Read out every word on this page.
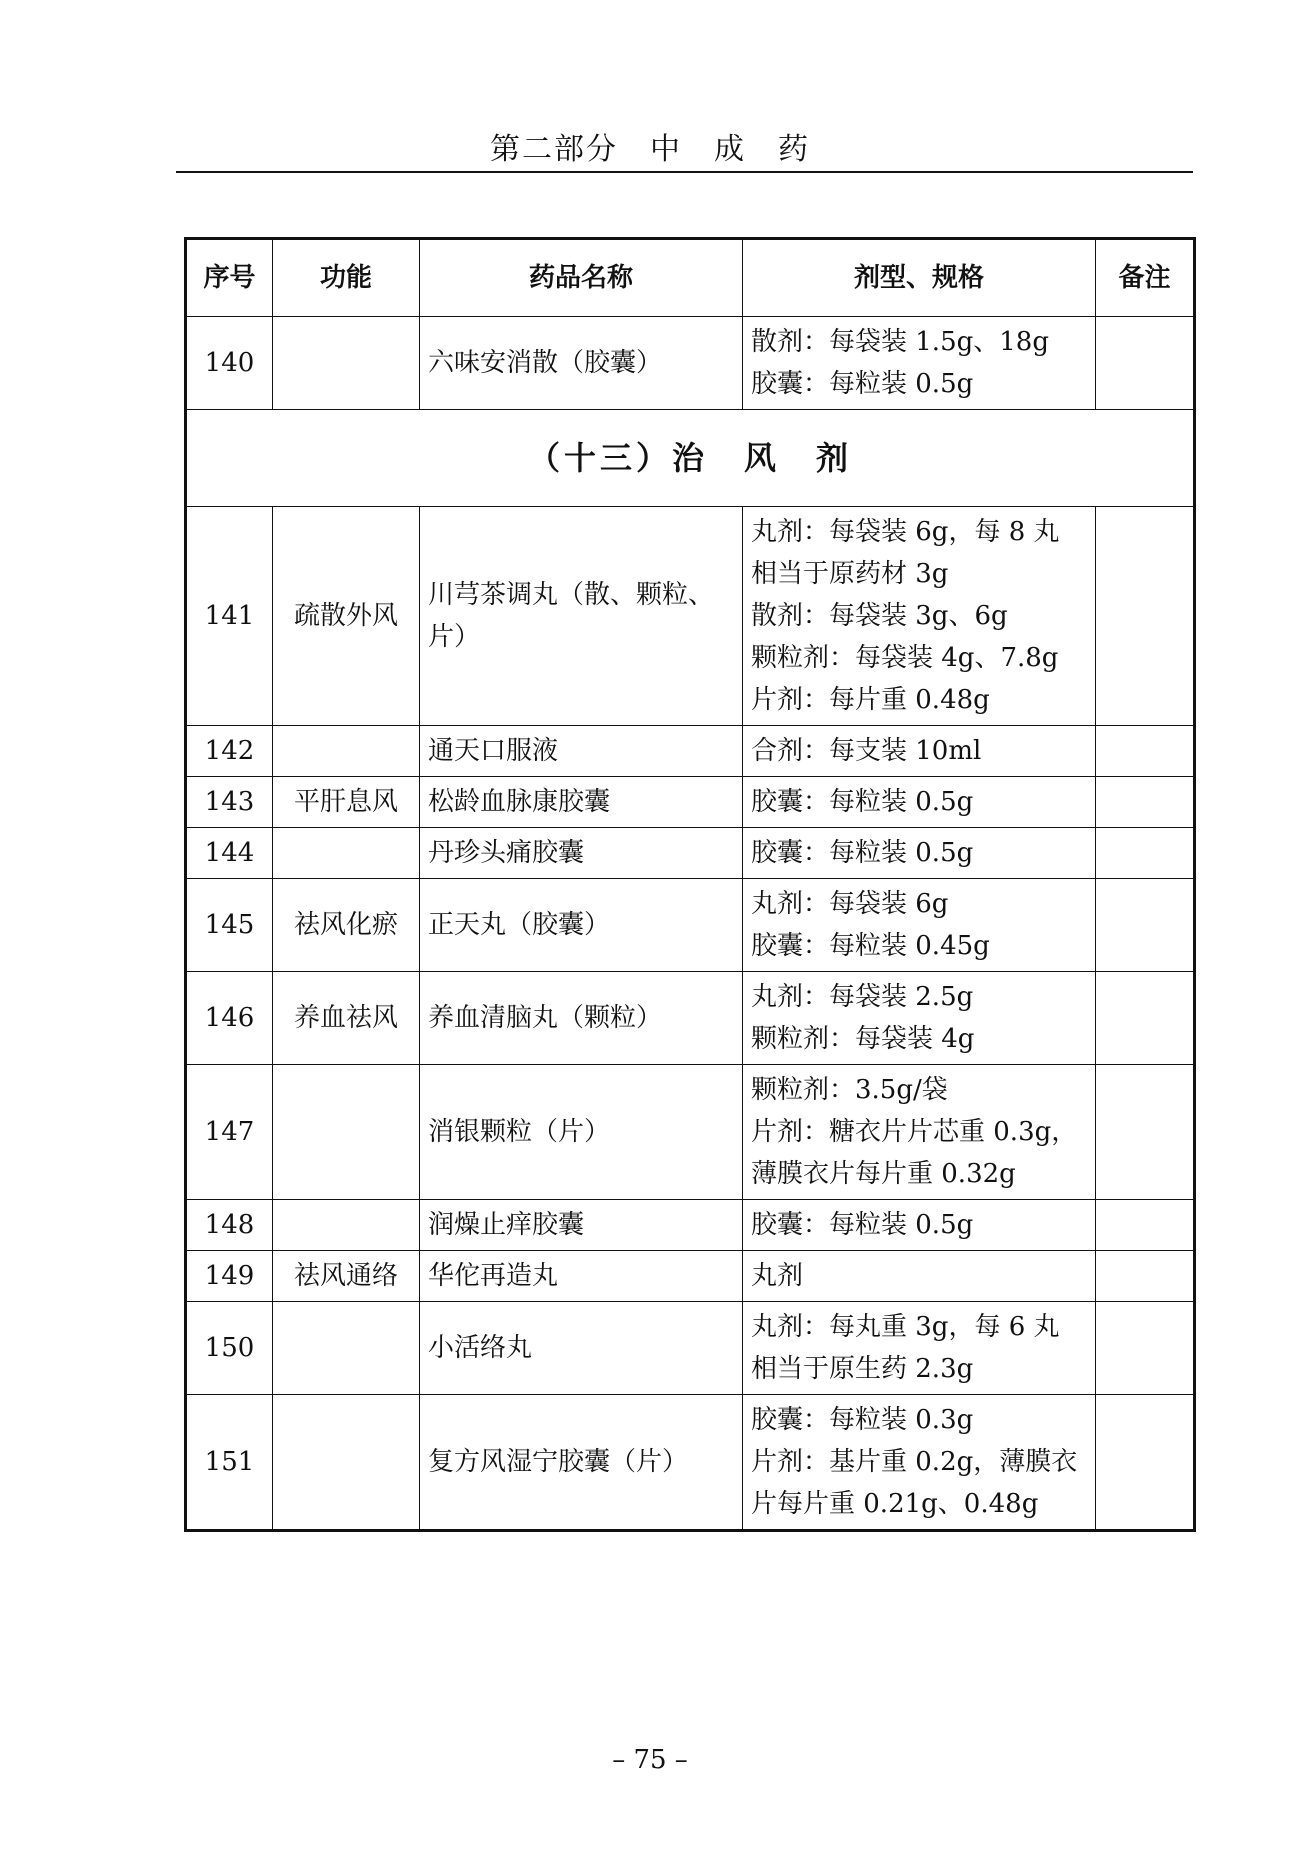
第二部分　中　成　药
序号	功能	药品名称	剂型、规格	备注
140		六味安消散（胶囊）	散剂：每袋装 1.5g、18g
胶囊：每粒装 0.5g	

（十三）治　风　剂				
141	疏散外风	川芎茶调丸（散、颗粒、片）	丸剂：每袋装 6g，每 8 丸
相当于原药材 3g
散剂：每袋装 3g、6g
颗粒剂：每袋装 4g、7.8g
片剂：每片重 0.48g	

142		通天口服液	合剂：每支装 10ml	

143	平肝息风	松龄血脉康胶囊	胶囊：每粒装 0.5g	

144		丹珍头痛胶囊	胶囊：每粒装 0.5g	

145	祛风化瘀	正天丸（胶囊）	丸剂：每袋装 6g
胶囊：每粒装 0.45g	

146	养血祛风	养血清脑丸（颗粒）	丸剂：每袋装 2.5g
颗粒剂：每袋装 4g	

147		消银颗粒（片）	颗粒剂：3.5g/袋
片剂：糖衣片片芯重 0.3g，
薄膜衣片每片重 0.32g	

148		润燥止痒胶囊	胶囊：每粒装 0.5g	

149	祛风通络	华佗再造丸	丸剂	

150		小活络丸	丸剂：每丸重 3g，每 6 丸
相当于原生药 2.3g	

151		复方风湿宁胶囊（片）	胶囊：每粒装 0.3g
片剂：基片重 0.2g，薄膜衣
片每片重 0.21g、0.48g	

– 75 –
